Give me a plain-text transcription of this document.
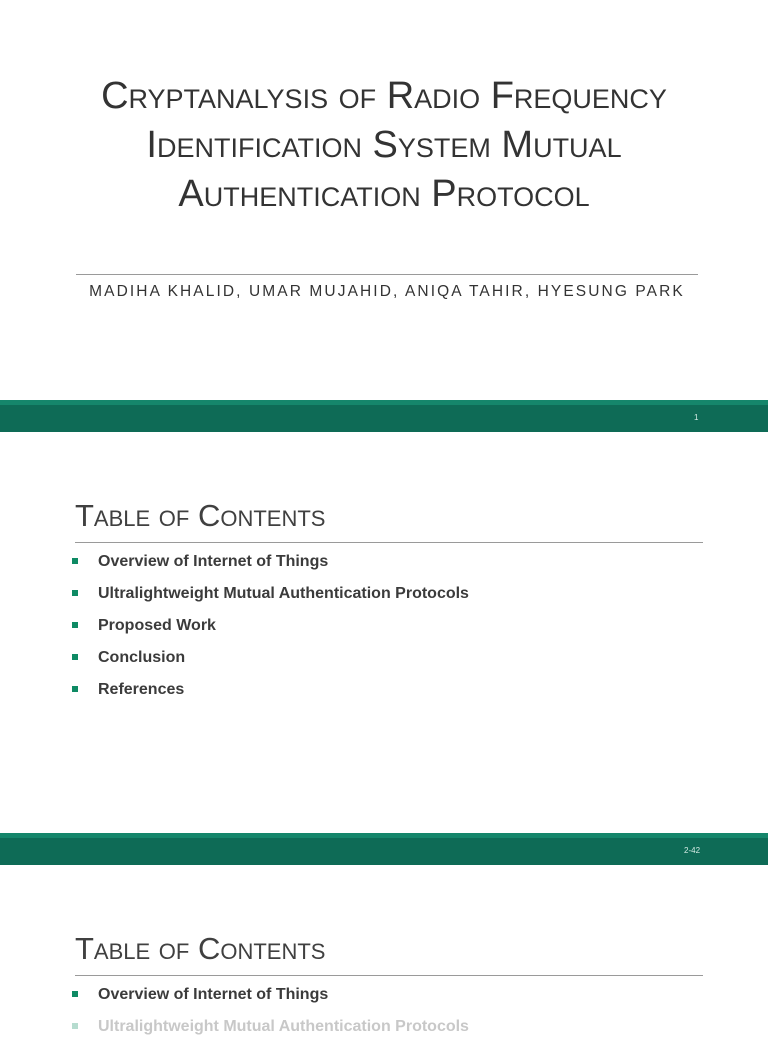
Cryptanalysis of Radio Frequency Identification System Mutual Authentication Protocol
MADIHA KHALID, UMAR MUJAHID, ANIQA TAHIR, HYESUNG PARK
1
Table of Contents
Overview of Internet of Things
Ultralightweight Mutual Authentication Protocols
Proposed Work
Conclusion
References
2-42
Table of Contents
Overview of Internet of Things
Ultralightweight Mutual Authentication Protocols
